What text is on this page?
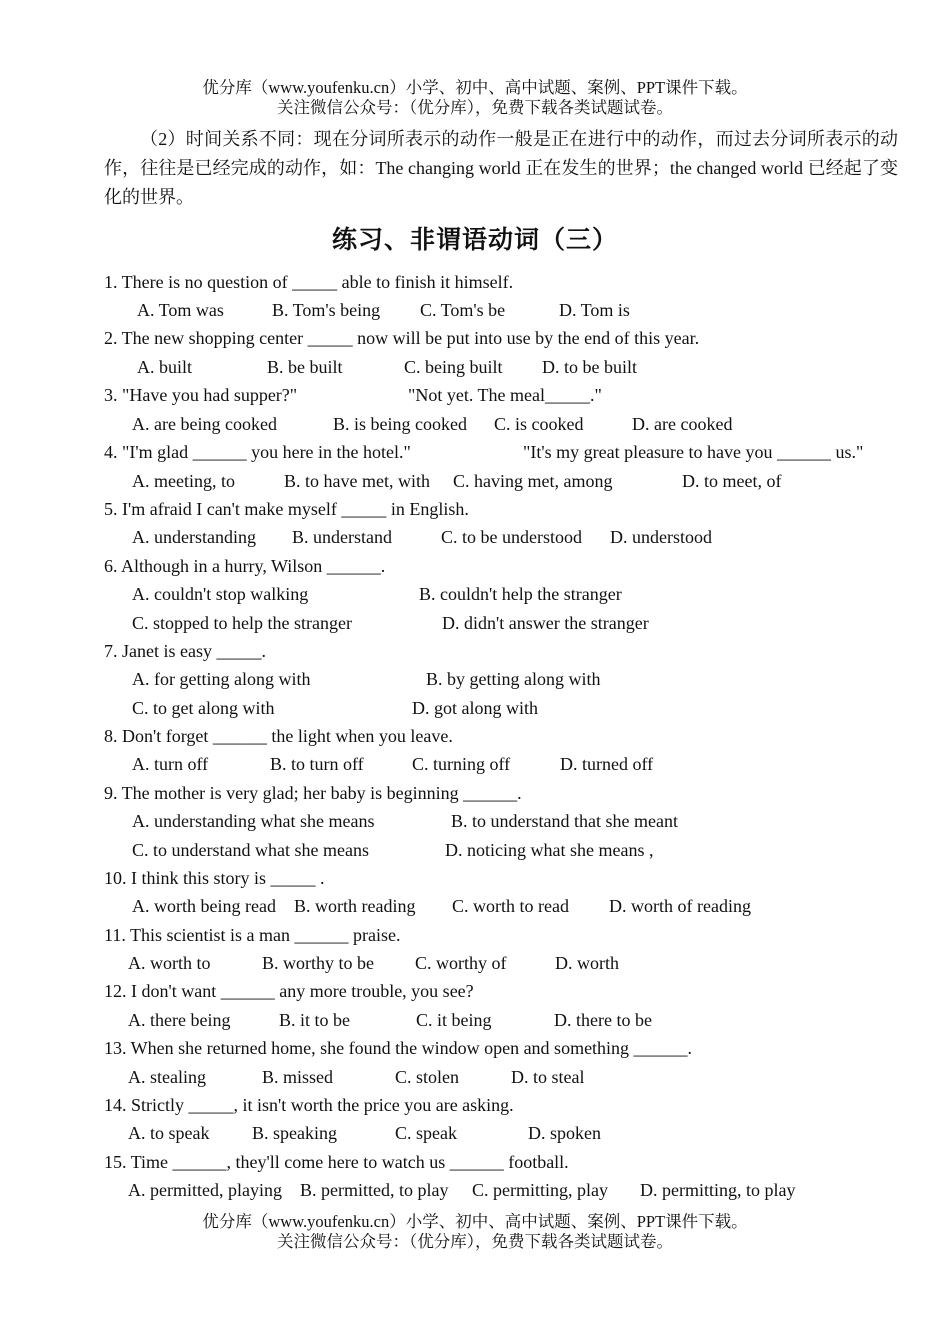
优分库（www.youfenku.cn）小学、初中、高中试题、案例、PPT课件下载。
关注微信公众号：（优分库），免费下载各类试题试卷。
（2）时间关系不同：现在分词所表示的动作一般是正在进行中的动作，而过去分词所表示的动作，往往是已经完成的动作，如：The changing world 正在发生的世界；the changed world 已经起了变化的世界。
练习、非谓语动词（三）
1. There is no question of _____ able to finish it himself.
A. Tom was	B. Tom's being C. Tom's be	D. Tom is
2. The new shopping center _____ now will be put into use by the end of this year.
A. built	B. be built	C. being built D. to be built
3. "Have you had supper?"	"Not yet. The meal_____."
A. are being cooked	B. is being cooked C. is cooked	D. are cooked
4. "I'm glad ______ you here in the hotel."	"It's my great pleasure to have you ______ us."
A. meeting, to	B. to have met, with C. having met, among	D. to meet, of
5. I'm afraid I can't make myself _____ in English.
A. understanding B. understand	C. to be understood D. understood
6. Although in a hurry, Wilson ______.
A. couldn't stop walking	B. couldn't help the stranger
C. stopped to help the stranger	D. didn't answer the stranger
7. Janet is easy _____.
A. for getting along with	B. by getting along with
C. to get along with	D. got along with
8. Don't forget ______ the light when you leave.
A. turn off	B. to turn off	C. turning off	D. turned off
9. The mother is very glad; her baby is beginning ______.
A. understanding what she means	B. to understand that she meant
C. to understand what she means	D. noticing what she means ,
10. I think this story is _____ .
A. worth being read B. worth reading C. worth to read D. worth of reading
11. This scientist is a man ______ praise.
A. worth to	B. worthy to be C. worthy of	D. worth
12. I don't want ______ any more trouble, you see?
A. there being	B. it to be	C. it being	D. there to be
13. When she returned home, she found the window open and something ______.
A. stealing	B. missed	C. stolen	D. to steal
14. Strictly _____, it isn't worth the price you are asking.
A. to speak B. speaking	C. speak	D. spoken
15. Time ______, they'll come here to watch us ______ football.
A. permitted, playing B. permitted, to play C. permitting, play D. permitting, to play
优分库（www.youfenku.cn）小学、初中、高中试题、案例、PPT课件下载。
关注微信公众号：（优分库），免费下载各类试题试卷。
